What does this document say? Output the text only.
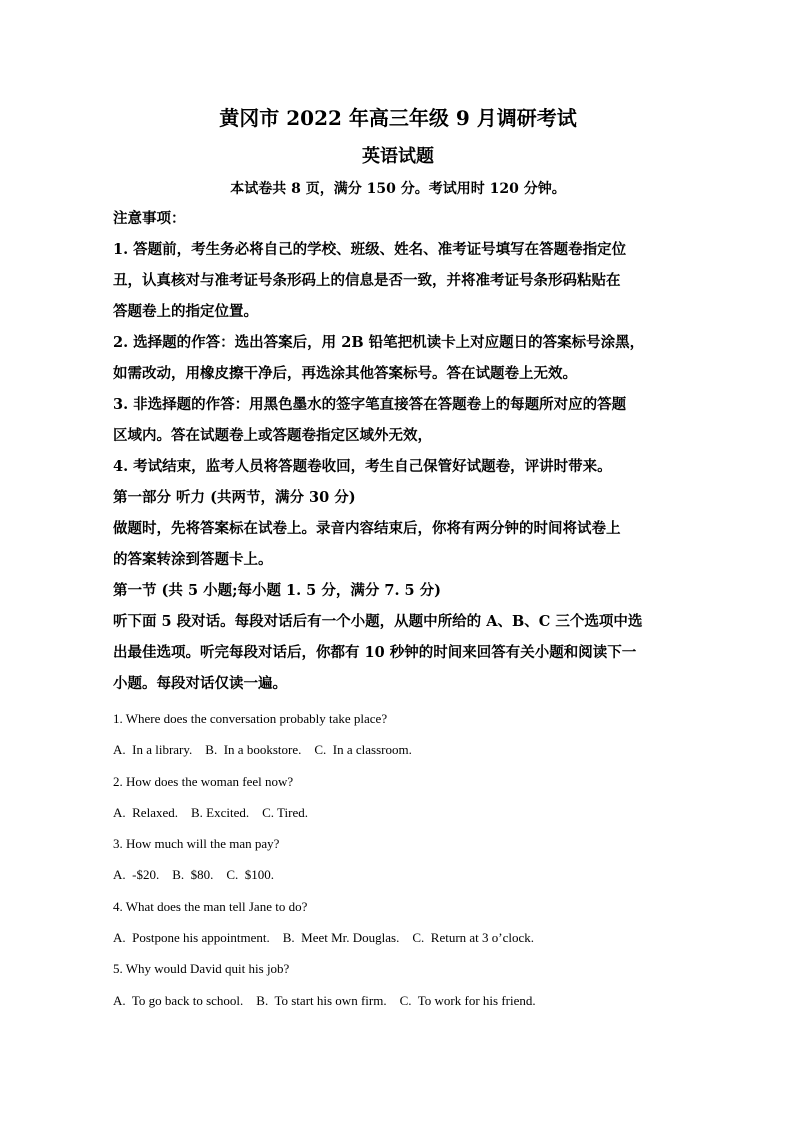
黄冈市 2022 年高三年级 9 月调研考试
英语试题

本试卷共 8 页，满分 150 分。考试用时 120 分钟。

注意事项：

1. 答题前，考生务必将自己的学校、班级、姓名、准考证号填写在答题卷指定位

丑，认真核对与准考证号条形码上的信息是否一致，并将准考证号条形码粘贴在

答题卷上的指定位置。

2. 选择题的作答：选出答案后，用 2B 铅笔把机读卡上对应题日的答案标号涂黑，

如需改动，用橡皮擦干净后，再选涂其他答案标号。答在试题卷上无效。

3. 非选择题的作答：用黑色墨水的签字笔直接答在答题卷上的每题所对应的答题

区域内。答在试题卷上或答题卷指定区域外无效，

4. 考试结束，监考人员将答题卷收回，考生自己保管好试题卷，评讲时带来。

第一部分 听力 (共两节，满分 30 分)

做题时，先将答案标在试卷上。录音内容结束后，你将有两分钟的时间将试卷上

的答案转涂到答题卡上。

第一节 (共 5 小题;每小题 1. 5 分，满分 7. 5 分)

听下面 5 段对话。每段对话后有一个小题，从题中所给的 A、B、C 三个选项中选

出最佳选项。听完每段对话后，你都有 10 秒钟的时间来回答有关小题和阅读下一

小题。每段对话仅读一遍。

1. Where does the conversation probably take place?

A.  In a library.    B.  In a bookstore.    C.  In a classroom.

2. How does the woman feel now?

A.  Relaxed.    B. Excited.    C. Tired.

3. How much will the man pay?

A.  -$20.    B.  $80.    C.  $100.

4. What does the man tell Jane to do?

A.  Postpone his appointment.    B.  Meet Mr. Douglas.    C.  Return at 3 o’clock.

5. Why would David quit his job?

A.  To go back to school.    B.  To start his own firm.    C.  To work for his friend.
